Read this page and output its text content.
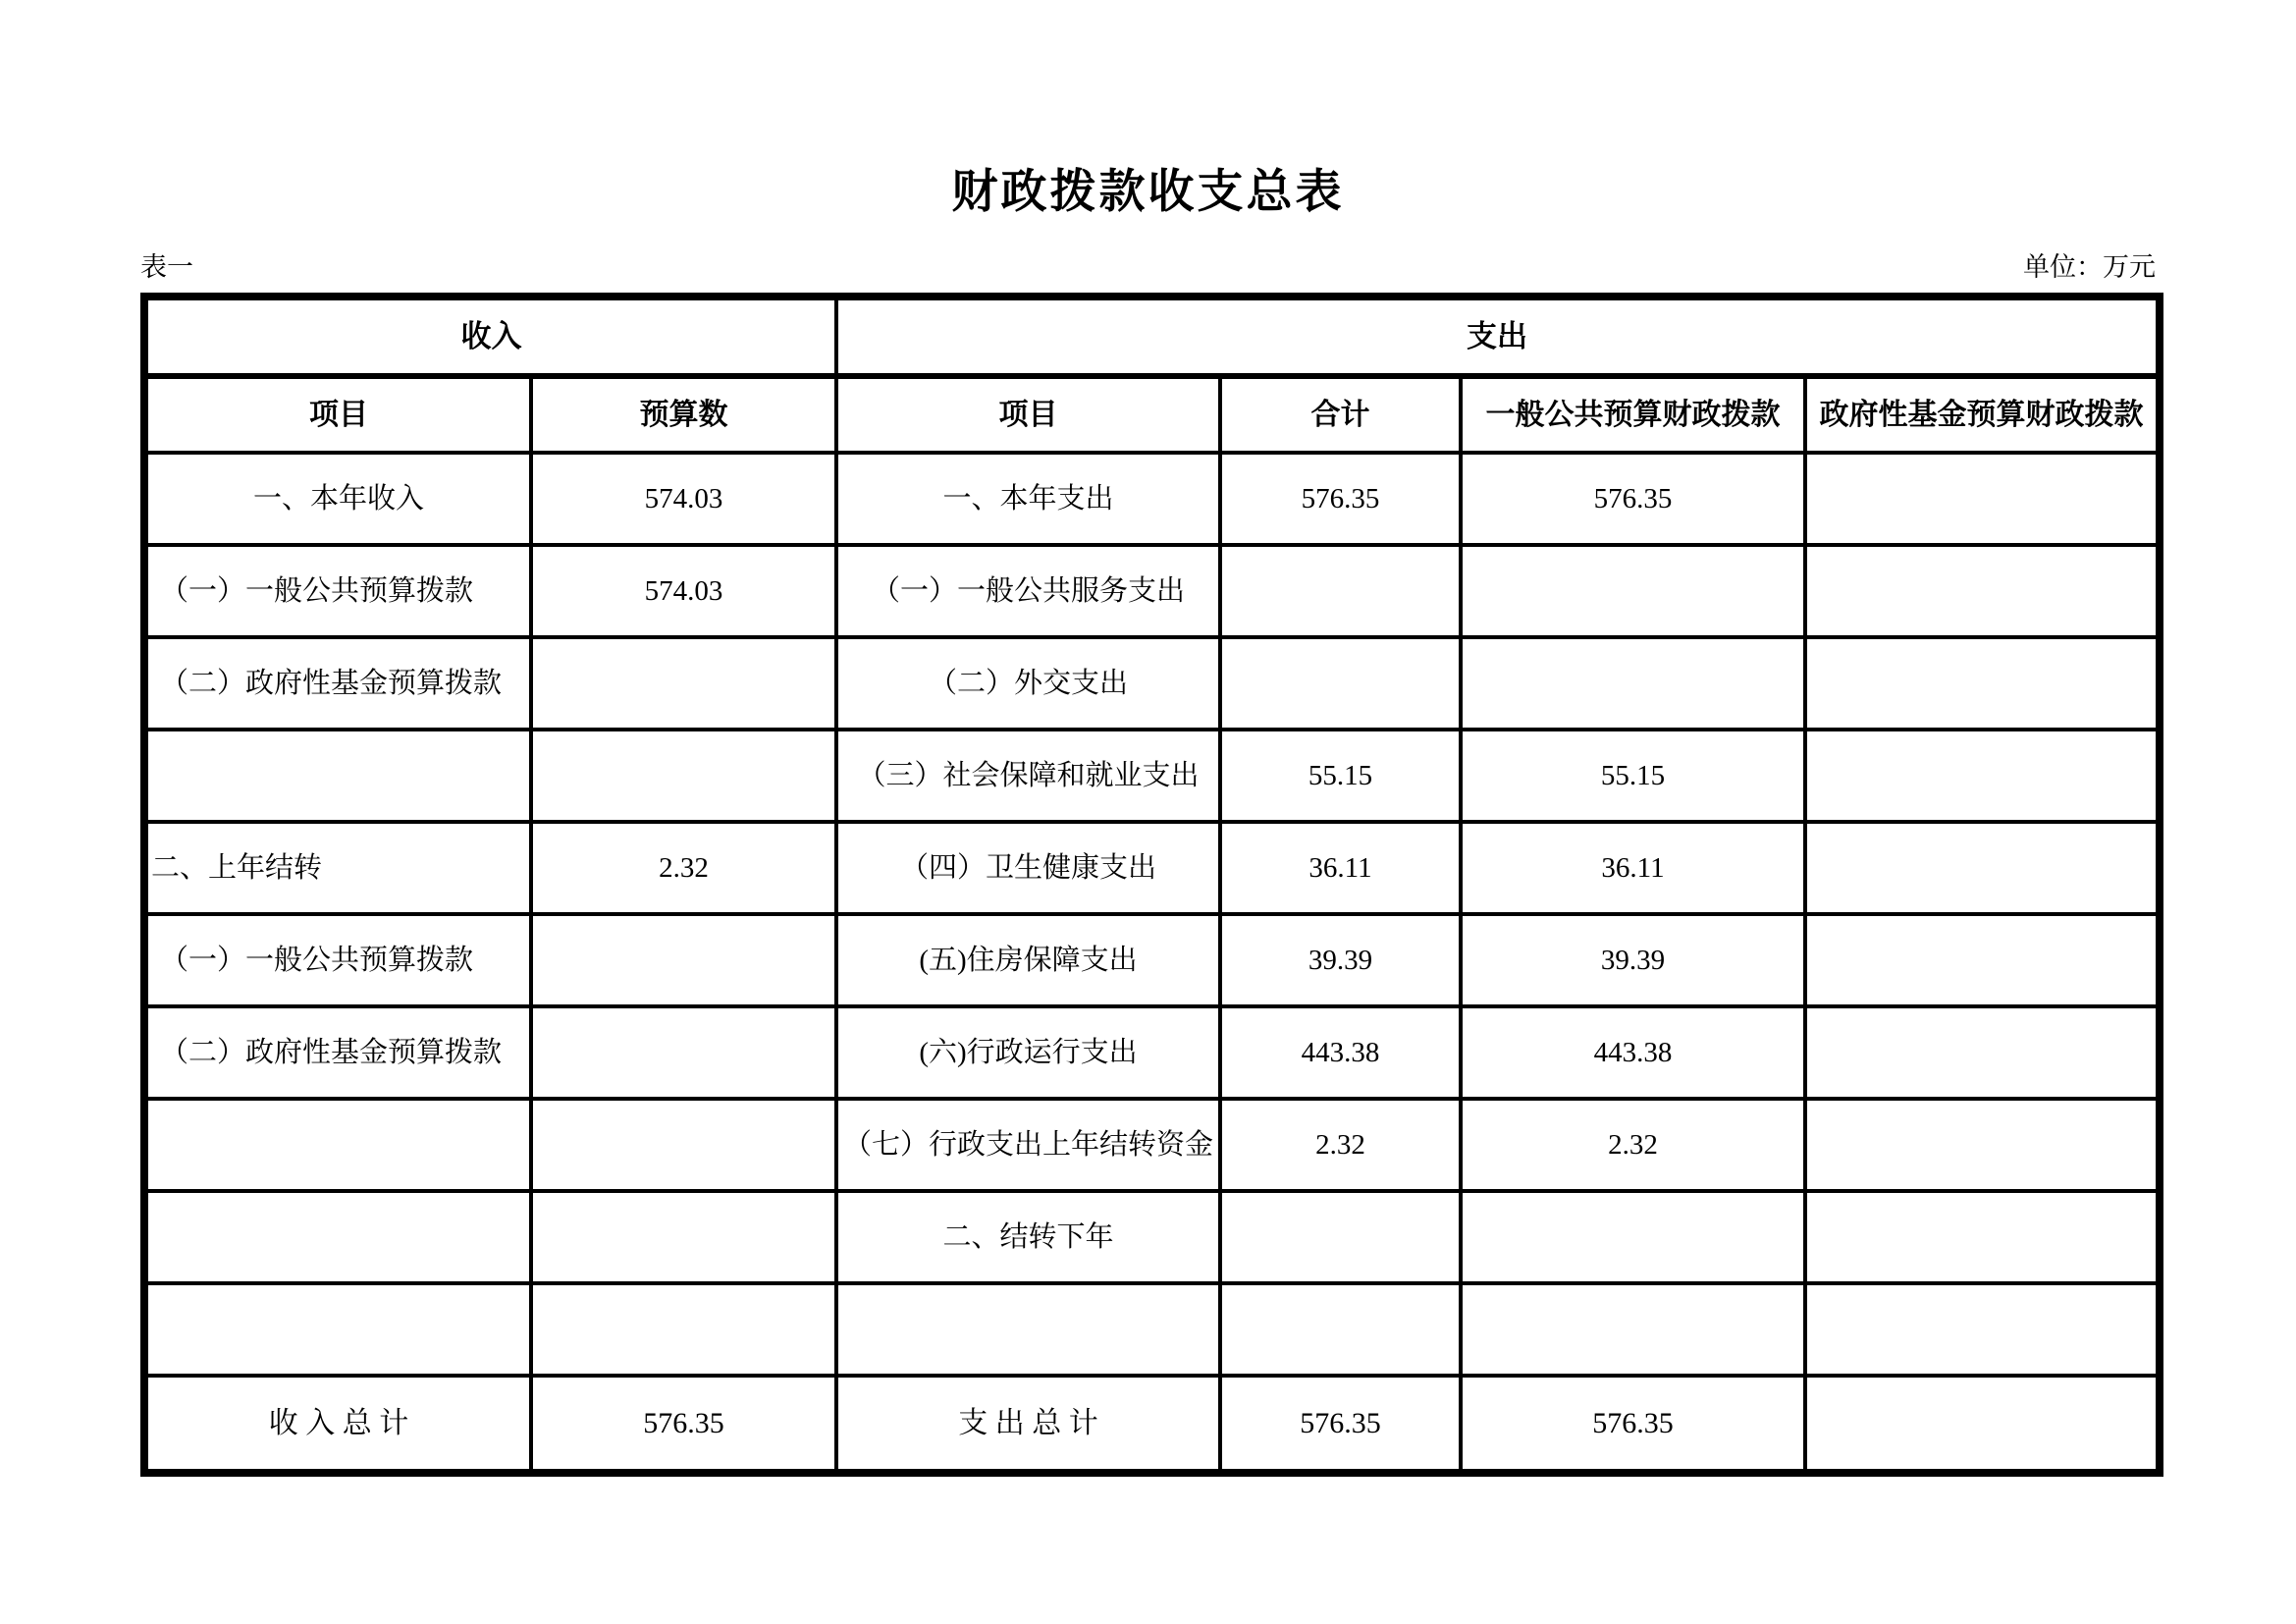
财政拨款收支总表
表一	单位：万元
收入		支出			
项目	预算数	项目	合计	一般公共预算财政拨款	政府性基金预算财政拨款
一、本年收入	574.03	一、本年支出	576.35	576.35	
（一）一般公共预算拨款	574.03	（一）一般公共服务支出			
（二）政府性基金预算拨款		（二）外交支出			
		（三）社会保障和就业支出	55.15	55.15	
二、上年结转	2.32	（四）卫生健康支出	36.11	36.11	
（一）一般公共预算拨款		(五)住房保障支出	39.39	39.39	
（二）政府性基金预算拨款		(六)行政运行支出	443.38	443.38	
		（七）行政支出上年结转资金	2.32	2.32	
		二、结转下年			

收 入 总 计	576.35	支 出 总 计	576.35	576.35	
